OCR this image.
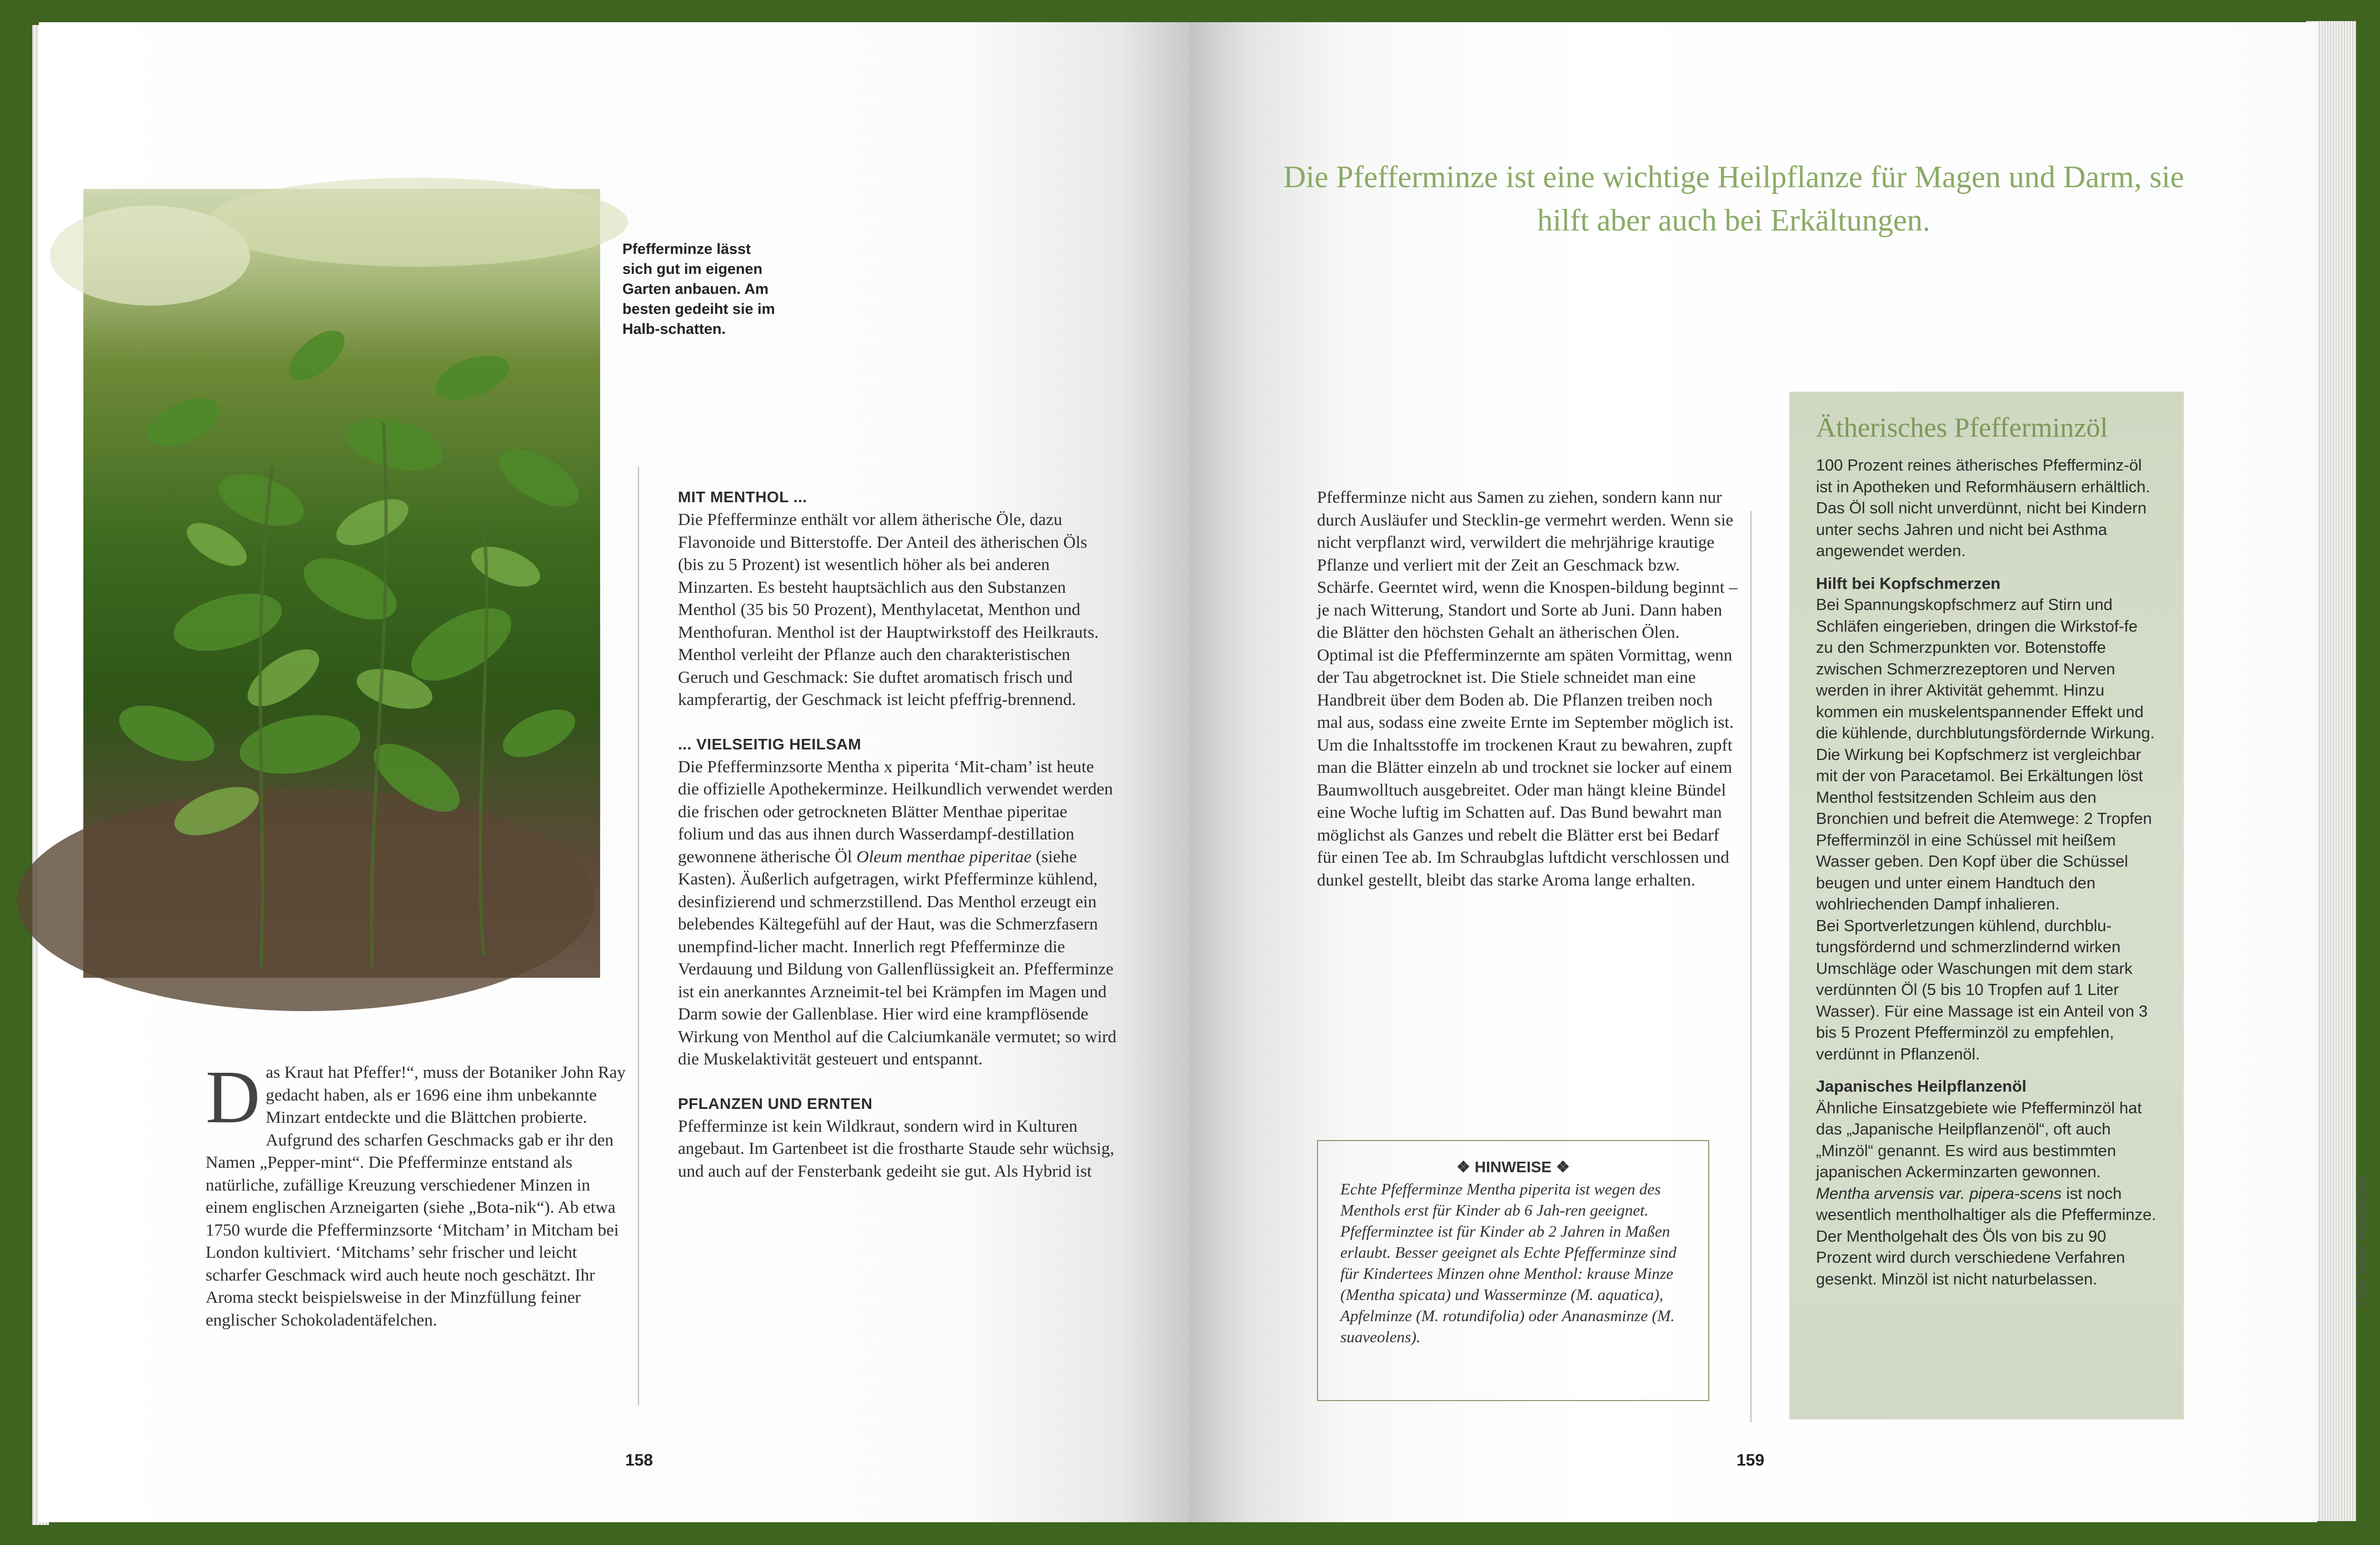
Pfefferminze lässt sich gut im eigenen Garten anbauen. Am besten gedeiht sie im Halb-schatten.
D as Kraut hat Pfeffer!“, muss der Botaniker John Ray gedacht haben, als er 1696 eine ihm unbekannte Minzart entdeckte und die Blättchen probierte. Aufgrund des scharfen Geschmacks gab er ihr den Namen „Pepper-mint“. Die Pfefferminze entstand als natürliche, zufällige Kreuzung verschiedener Minzen in einem englischen Arzneigarten (siehe „Bota-nik“). Ab etwa 1750 wurde die Pfefferminzsorte ‘Mitcham’ in Mitcham bei London kultiviert. ‘Mitchams’ sehr frischer und leicht scharfer Geschmack wird auch heute noch geschätzt. Ihr Aroma steckt beispielsweise in der Minzfüllung feiner englischer Schokoladentäfelchen.

MIT MENTHOL ...

Die Pfefferminze enthält vor allem ätherische Öle, dazu Flavonoide und Bitterstoffe. Der Anteil des ätherischen Öls (bis zu 5 Prozent) ist wesentlich höher als bei anderen Minzarten. Es besteht hauptsächlich aus den Substanzen Menthol (35 bis 50 Prozent), Menthylacetat, Menthon und Menthofuran. Menthol ist der Hauptwirkstoff des Heilkrauts. Menthol verleiht der Pflanze auch den charakteristischen Geruch und Geschmack: Sie duftet aromatisch frisch und kampferartig, der Geschmack ist leicht pfeffrig-brennend.

... VIELSEITIG HEILSAM

Die Pfefferminzsorte Mentha x piperita ‘Mit-cham’ ist heute die offizielle Apothekerminze. Heilkundlich verwendet werden die frischen oder getrockneten Blätter Menthae piperitae folium und das aus ihnen durch Wasserdampf-destillation gewonnene ätherische Öl Oleum menthae piperitae (siehe Kasten). Äußerlich aufgetragen, wirkt Pfefferminze kühlend, desinfizierend und schmerzstillend. Das Menthol erzeugt ein belebendes Kältegefühl auf der Haut, was die Schmerzfasern unempfind-licher macht. Innerlich regt Pfefferminze die Verdauung und Bildung von Gallenflüssigkeit an. Pfefferminze ist ein anerkanntes Arzneimit-tel bei Krämpfen im Magen und Darm sowie der Gallenblase. Hier wird eine krampflösende Wirkung von Menthol auf die Calciumkanäle vermutet; so wird die Muskelaktivität gesteuert und entspannt.

PFLANZEN UND ERNTEN

Pfefferminze ist kein Wildkraut, sondern wird in Kulturen angebaut. Im Gartenbeet ist die frostharte Staude sehr wüchsig, und auch auf der Fensterbank gedeiht sie gut. Als Hybrid ist

158
Die Pfefferminze ist eine wichtige Heilpflanze für Magen und Darm, sie hilft aber auch bei Erkältungen.

Pfefferminze nicht aus Samen zu ziehen, sondern kann nur durch Ausläufer und Stecklin-ge vermehrt werden. Wenn sie nicht verpflanzt wird, verwildert die mehrjährige krautige Pflanze und verliert mit der Zeit an Geschmack bzw. Schärfe. Geerntet wird, wenn die Knospen-bildung beginnt – je nach Witterung, Standort und Sorte ab Juni. Dann haben die Blätter den höchsten Gehalt an ätherischen Ölen. Optimal ist die Pfefferminzernte am späten Vormittag, wenn der Tau abgetrocknet ist. Die Stiele schneidet man eine Handbreit über dem Boden ab. Die Pflanzen treiben noch mal aus, sodass eine zweite Ernte im September möglich ist.

Um die Inhaltsstoffe im trockenen Kraut zu bewahren, zupft man die Blätter einzeln ab und trocknet sie locker auf einem Baumwolltuch ausgebreitet. Oder man hängt kleine Bündel eine Woche luftig im Schatten auf. Das Bund bewahrt man möglichst als Ganzes und rebelt die Blätter erst bei Bedarf für einen Tee ab. Im Schraubglas luftdicht verschlossen und dunkel gestellt, bleibt das starke Aroma lange erhalten.

Foto: Merle Weidemann
❖ HINWEISE ❖
Echte Pfefferminze Mentha piperita ist wegen des Menthols erst für Kinder ab 6 Jah-ren geeignet. Pfefferminztee ist für Kinder ab 2 Jahren in Maßen erlaubt. Besser geeignet als Echte Pfefferminze sind für Kindertees Minzen ohne Menthol: krause Minze (Mentha spicata) und Wasserminze (M. aquatica), Apfelminze (M. rotundifolia) oder Ananasminze (M. suaveolens).
Ätherisches Pfefferminzöl

100 Prozent reines ätherisches Pfefferminz-öl ist in Apotheken und Reformhäusern erhältlich. Das Öl soll nicht unverdünnt, nicht bei Kindern unter sechs Jahren und nicht bei Asthma angewendet werden.

Hilft bei Kopfschmerzen

Bei Spannungskopfschmerz auf Stirn und Schläfen eingerieben, dringen die Wirkstof-fe zu den Schmerzpunkten vor. Botenstoffe zwischen Schmerzrezeptoren und Nerven werden in ihrer Aktivität gehemmt. Hinzu kommen ein muskelentspannender Effekt und die kühlende, durchblutungsfördernde Wirkung. Die Wirkung bei Kopfschmerz ist vergleichbar mit der von Paracetamol. Bei Erkältungen löst Menthol festsitzenden Schleim aus den Bronchien und befreit die Atemwege: 2 Tropfen Pfefferminzöl in eine Schüssel mit heißem Wasser geben. Den Kopf über die Schüssel beugen und unter einem Handtuch den wohlriechenden Dampf inhalieren.

Bei Sportverletzungen kühlend, durchblu-tungsfördernd und schmerzlindernd wirken Umschläge oder Waschungen mit dem stark verdünnten Öl (5 bis 10 Tropfen auf 1 Liter Wasser). Für eine Massage ist ein Anteil von 3 bis 5 Prozent Pfefferminzöl zu empfehlen, verdünnt in Pflanzenöl.

Japanisches Heilpflanzenöl

Ähnliche Einsatzgebiete wie Pfefferminzöl hat das „Japanische Heilpflanzenöl“, oft auch „Minzöl“ genannt. Es wird aus bestimmten japanischen Ackerminzarten gewonnen. Mentha arvensis var. pipera-scens ist noch wesentlich mentholhaltiger als die Pfefferminze. Der Mentholgehalt des Öls von bis zu 90 Prozent wird durch verschiedene Verfahren gesenkt. Minzöl ist nicht naturbelassen.

159
